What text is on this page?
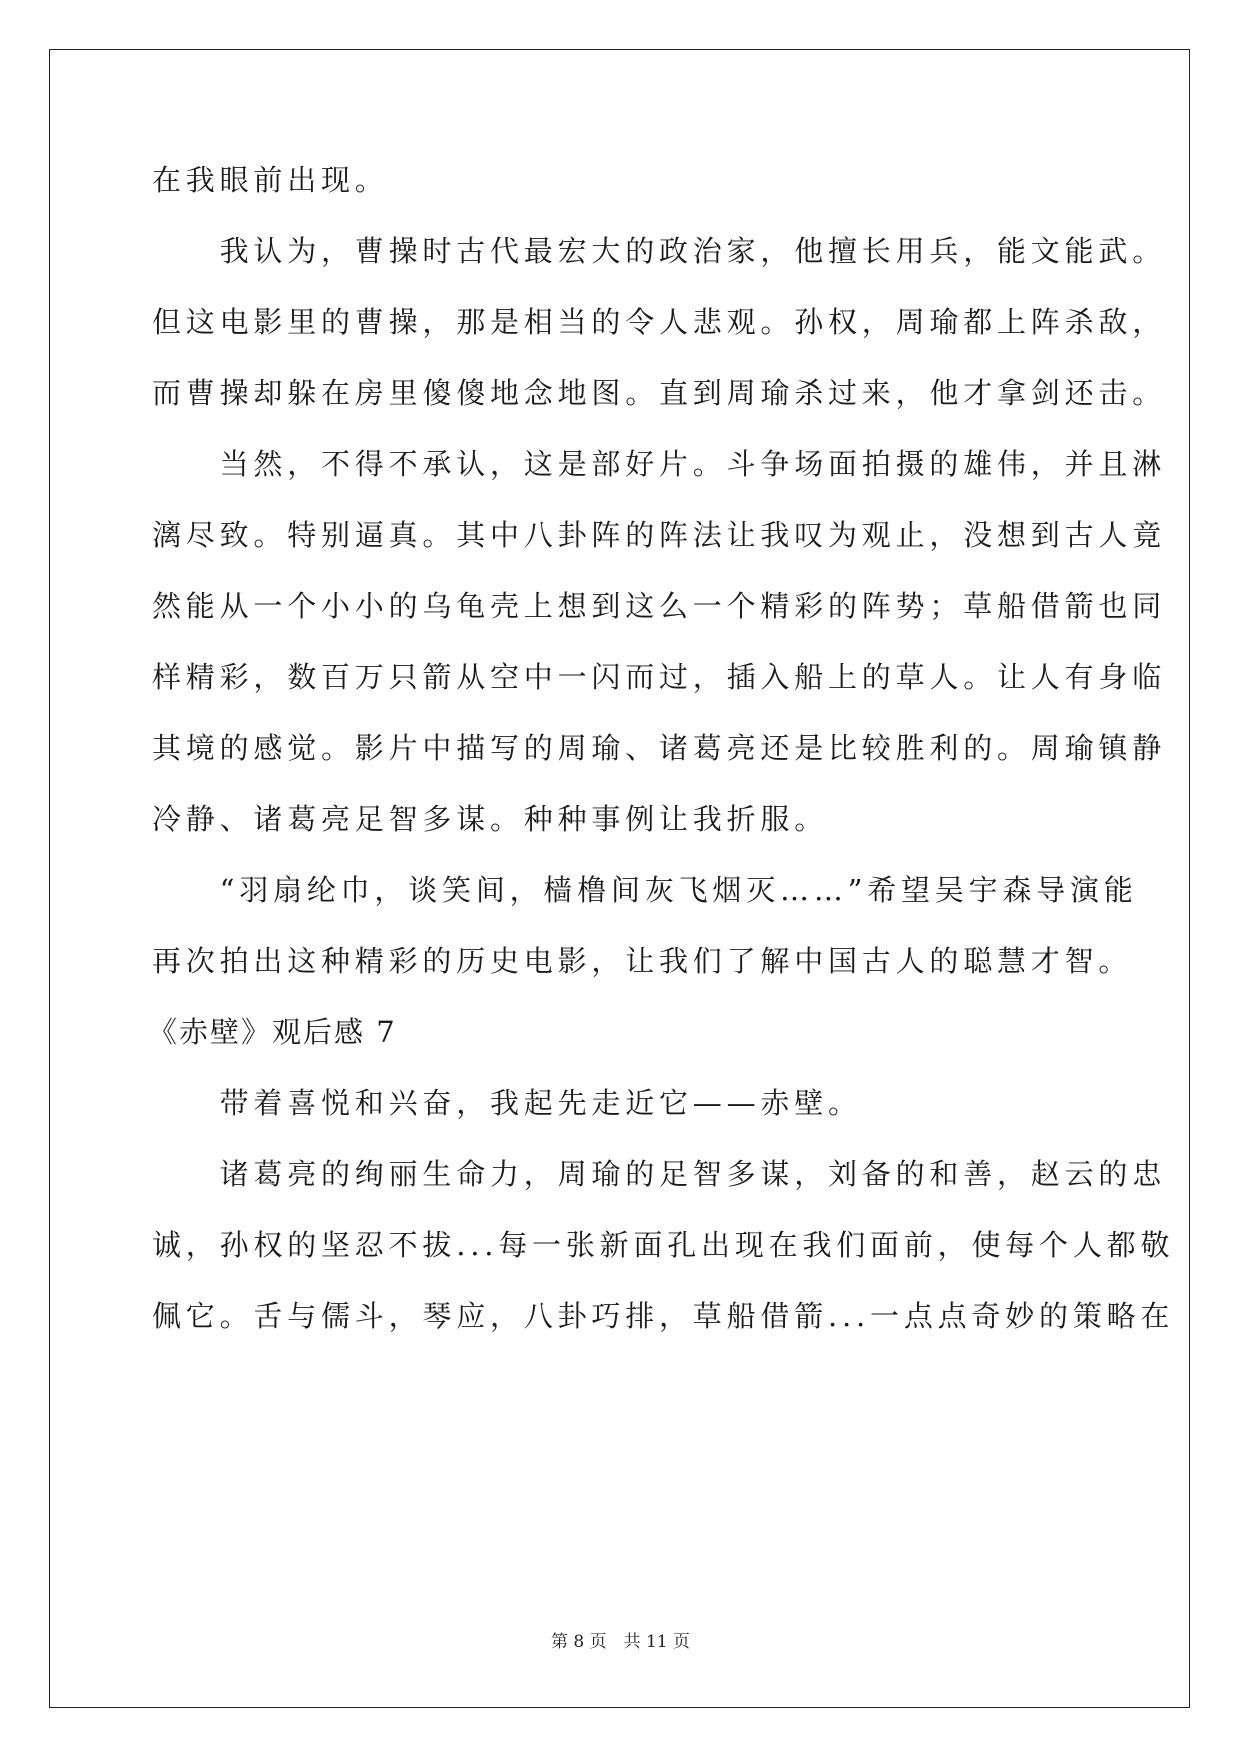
在我眼前出现。
　　我认为，曹操时古代最宏大的政治家，他擅长用兵，能文能武。
但这电影里的曹操，那是相当的令人悲观。孙权，周瑜都上阵杀敌，
而曹操却躲在房里傻傻地念地图。直到周瑜杀过来，他才拿剑还击。
　　当然，不得不承认，这是部好片。斗争场面拍摄的雄伟，并且淋
漓尽致。特别逼真。其中八卦阵的阵法让我叹为观止，没想到古人竟
然能从一个小小的乌龟壳上想到这么一个精彩的阵势；草船借箭也同
样精彩，数百万只箭从空中一闪而过，插入船上的草人。让人有身临
其境的感觉。影片中描写的周瑜、诸葛亮还是比较胜利的。周瑜镇静
冷静、诸葛亮足智多谋。种种事例让我折服。
　　“羽扇纶巾，谈笑间，樯橹间灰飞烟灭……”希望吴宇森导演能
再次拍出这种精彩的历史电影，让我们了解中国古人的聪慧才智。
《赤壁》观后感 7
　　带着喜悦和兴奋，我起先走近它——赤壁。
　　诸葛亮的绚丽生命力，周瑜的足智多谋，刘备的和善，赵云的忠
诚，孙权的坚忍不拔...每一张新面孔出现在我们面前，使每个人都敬
佩它。舌与儒斗，琴应，八卦巧排，草船借箭...一点点奇妙的策略在
第 8 页　共 11 页
